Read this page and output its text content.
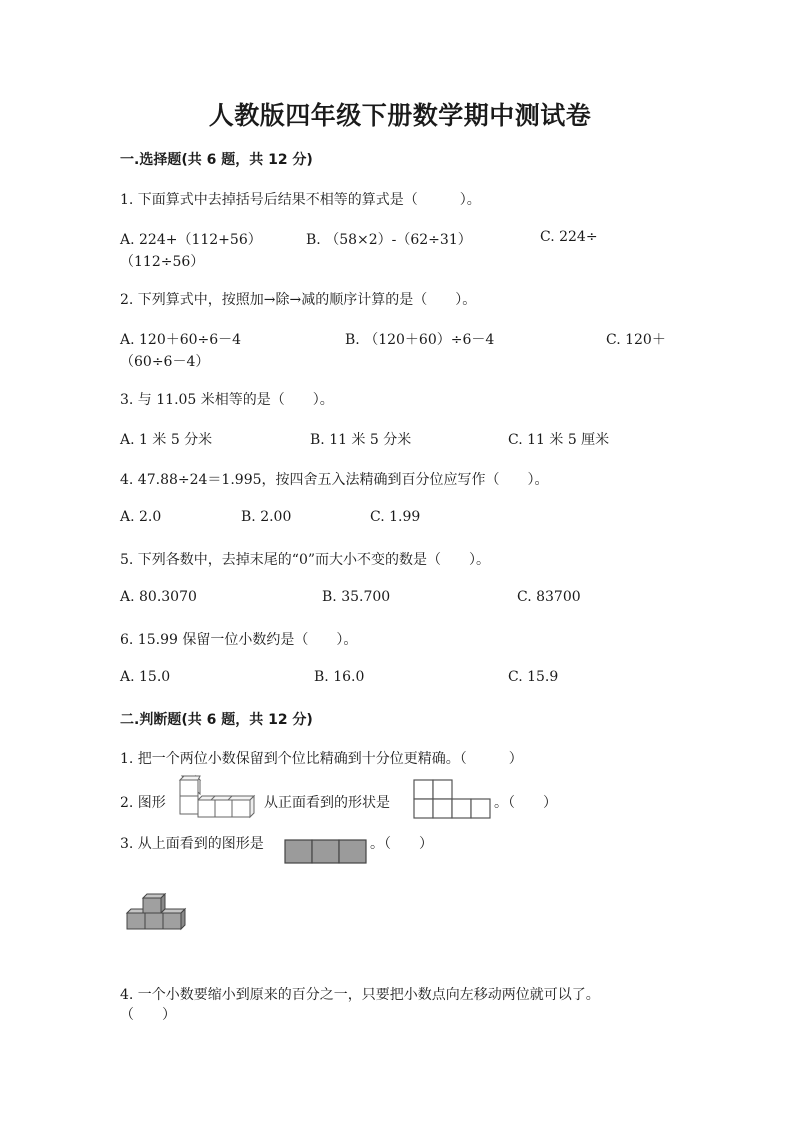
人教版四年级下册数学期中测试卷
一.选择题(共 6 题，共 12 分)
1. 下面算式中去掉括号后结果不相等的算式是（　　　）。
A. 224+（112+56）	B. （58×2）-（62÷31）	C. 224÷
（112÷56）
2. 下列算式中，按照加→除→减的顺序计算的是（　　）。
A. 120＋60÷6－4	B. （120＋60）÷6－4	C. 120＋
（60÷6－4）
3. 与 11.05 米相等的是（　　）。
A. 1 米 5 分米	B. 11 米 5 分米	C. 11 米 5 厘米
4. 47.88÷24＝1.995，按四舍五入法精确到百分位应写作（　　）。
A. 2.0	B. 2.00	C. 1.99
5. 下列各数中，去掉末尾的“0”而大小不变的数是（　　）。
A. 80.3070	B. 35.700	C. 83700
6. 15.99 保留一位小数约是（　　）。
A. 15.0	B. 16.0	C. 15.9
二.判断题(共 6 题，共 12 分)
1. 把一个两位小数保留到个位比精确到十分位更精确。（　　　）
2. 图形	从正面看到的形状是	。（　　）
3. 从上面看到的图形是	。（　　）
4. 一个小数要缩小到原来的百分之一，只要把小数点向左移动两位就可以了。
（　　）
